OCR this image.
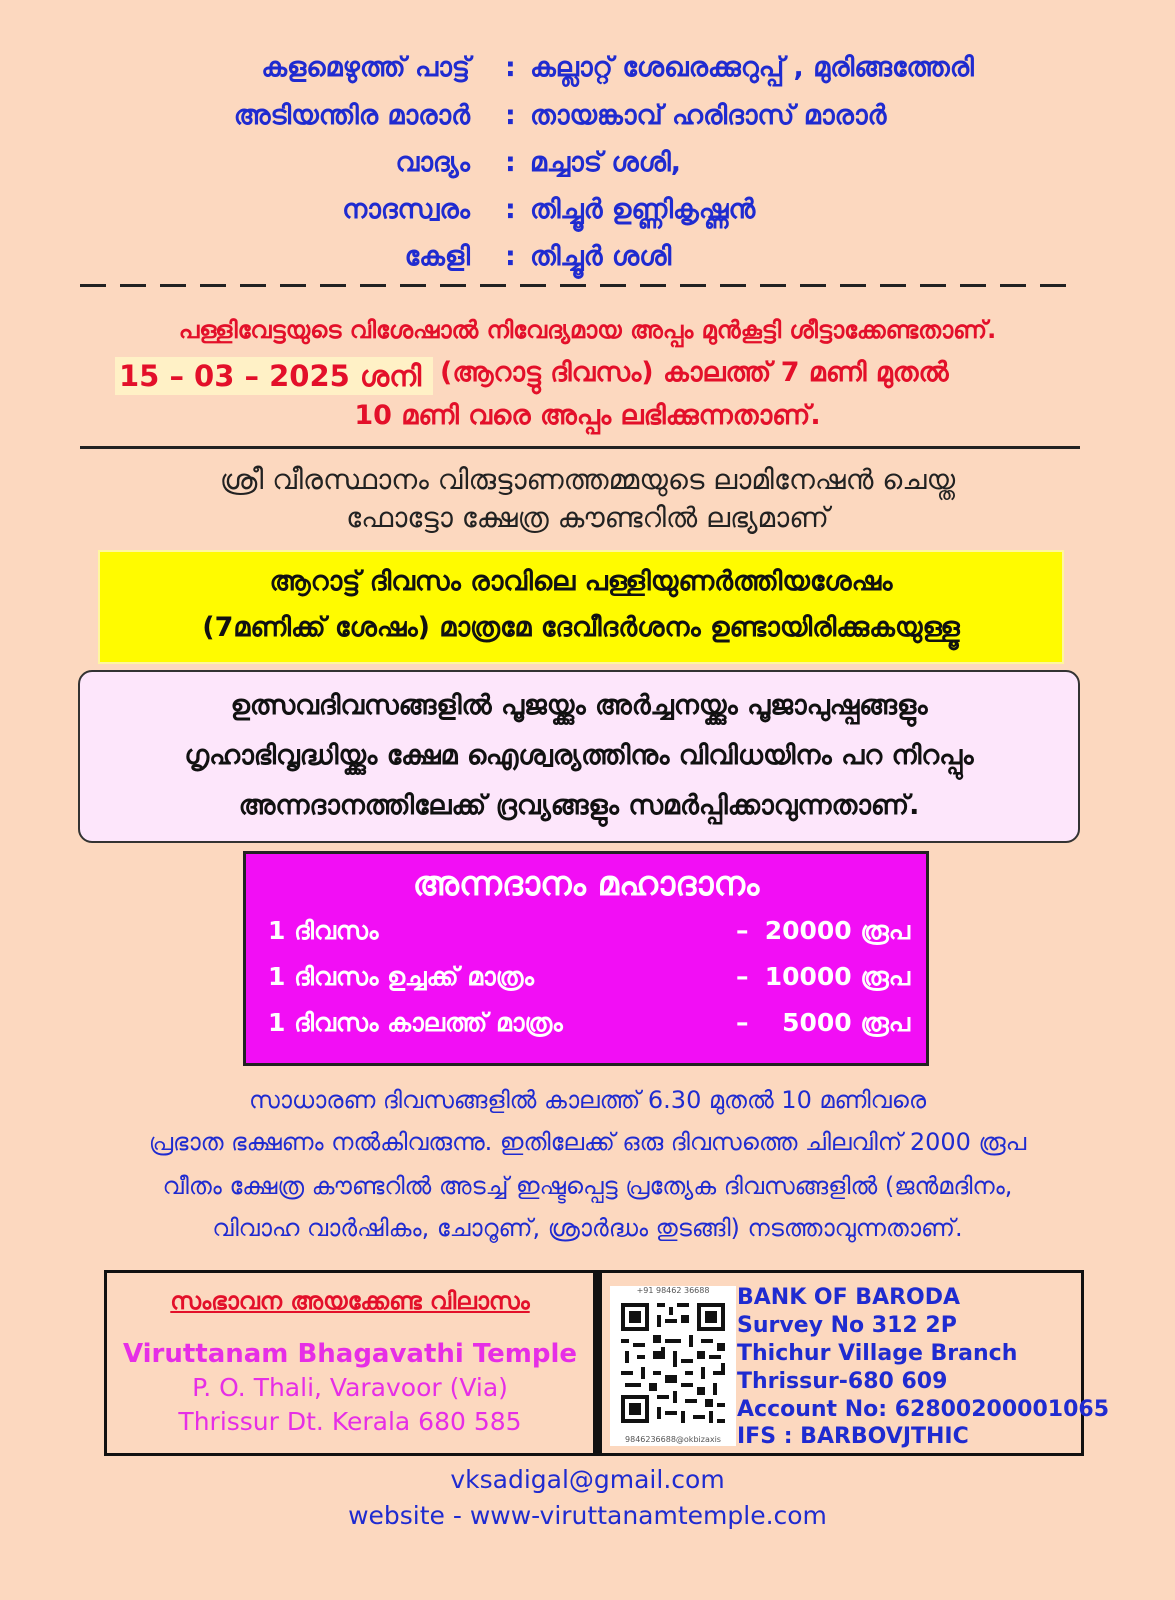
കളമെഴുത്ത് പാട്ട് : കല്ലാറ്റ് ശേഖരക്കുറുപ്പ് , മുരിങ്ങത്തേരി
അടിയന്തിര മാരാർ : തായങ്കാവ് ഹരിദാസ് മാരാർ
വാദ്യം : മച്ചാട് ശശി,
നാദസ്വരം : തിച്ചൂർ ഉണ്ണികൃഷ്ണൻ
കേളി : തിച്ചൂർ ശശി
പള്ളിവേട്ടയുടെ വിശേഷാൽ നിവേദ്യമായ അപ്പം മുൻകൂട്ടി ശീട്ടാക്കേണ്ടതാണ്.
15 – 03 – 2025 ശനി (ആറാട്ടു ദിവസം) കാലത്ത് 7 മണി മുതൽ
10 മണി വരെ അപ്പം ലഭിക്കുന്നതാണ്.
ശ്രീ വീരസ്ഥാനം വിരുട്ടാണത്തമ്മയുടെ ലാമിനേഷൻ ചെയ്ത
ഫോട്ടോ ക്ഷേത്ര കൗണ്ടറിൽ ലഭ്യമാണ്
ആറാട്ട് ദിവസം രാവിലെ പള്ളിയുണർത്തിയശേഷം
(7മണിക്ക് ശേഷം) മാത്രമേ ദേവീദർശനം ഉണ്ടായിരിക്കുകയുള്ളൂ
ഉത്സവദിവസങ്ങളിൽ പൂജയ്ക്കും അർച്ചനയ്ക്കും പൂജാപുഷ്പങ്ങളും
ഗൃഹാഭിവൃദ്ധിയ്ക്കും ക്ഷേമ ഐശ്വര്യത്തിനും വിവിധയിനം പറ നിറപ്പും
അന്നദാനത്തിലേക്ക് ദ്രവ്യങ്ങളും സമർപ്പിക്കാവുന്നതാണ്.
അന്നദാനം മഹാദാനം
1 ദിവസം	– 20000 രൂപ
1 ദിവസം ഉച്ചക്ക് മാത്രം	– 10000 രൂപ
1 ദിവസം കാലത്ത് മാത്രം	– 5000 രൂപ
സാധാരണ ദിവസങ്ങളിൽ കാലത്ത് 6.30 മുതൽ 10 മണിവരെ
പ്രഭാത ഭക്ഷണം നൽകിവരുന്നു. ഇതിലേക്ക് ഒരു ദിവസത്തെ ചിലവിന് 2000 രൂപ
വീതം ക്ഷേത്ര കൗണ്ടറിൽ അടച്ച് ഇഷ്ടപ്പെട്ട പ്രത്യേക ദിവസങ്ങളിൽ (ജൻമദിനം,
വിവാഹ വാർഷികം, ചോറൂണ്, ശ്രാർദ്ധം തുടങ്ങി) നടത്താവുന്നതാണ്.
സംഭാവന അയക്കേണ്ട വിലാസം
Viruttanam Bhagavathi Temple
P. O. Thali, Varavoor (Via)
Thrissur Dt. Kerala 680 585
+91 98462 36688
9846236688@okbizaxis
BANK OF BARODA
Survey No 312 2P
Thichur Village Branch
Thrissur-680 609
Account No: 62800200001065
IFS : BARBOVJTHIC
vksadigal@gmail.com
website - www-viruttanamtemple.com
